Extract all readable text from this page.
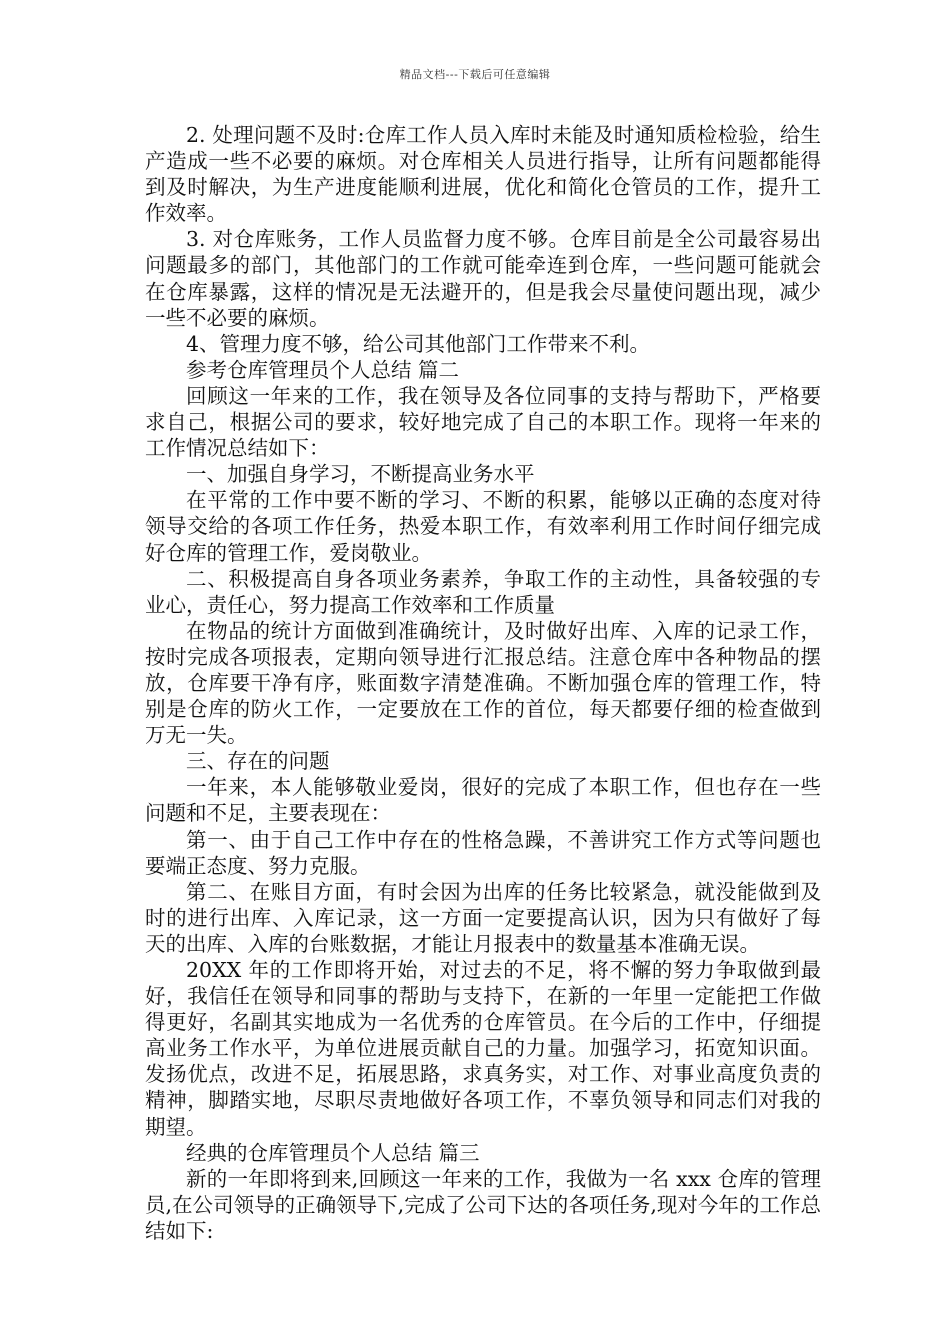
精品文档---下载后可任意编辑

2. 处理问题不及时:仓库工作人员入库时未能及时通知质检检验，给生产造成一些不必要的麻烦。对仓库相关人员进行指导，让所有问题都能得到及时解决，为生产进度能顺利进展，优化和简化仓管员的工作，提升工作效率。

3. 对仓库账务，工作人员监督力度不够。仓库目前是全公司最容易出问题最多的部门，其他部门的工作就可能牵连到仓库，一些问题可能就会在仓库暴露，这样的情况是无法避开的，但是我会尽量使问题出现，减少一些不必要的麻烦。

4、管理力度不够，给公司其他部门工作带来不利。

参考仓库管理员个人总结 篇二

回顾这一年来的工作，我在领导及各位同事的支持与帮助下，严格要求自己，根据公司的要求，较好地完成了自己的本职工作。现将一年来的工作情况总结如下：

一、加强自身学习，不断提高业务水平

在平常的工作中要不断的学习、不断的积累，能够以正确的态度对待领导交给的各项工作任务，热爱本职工作，有效率利用工作时间仔细完成好仓库的管理工作，爱岗敬业。

二、积极提高自身各项业务素养，争取工作的主动性，具备较强的专业心，责任心，努力提高工作效率和工作质量

在物品的统计方面做到准确统计，及时做好出库、入库的记录工作，按时完成各项报表，定期向领导进行汇报总结。注意仓库中各种物品的摆放，仓库要干净有序，账面数字清楚准确。不断加强仓库的管理工作，特别是仓库的防火工作，一定要放在工作的首位，每天都要仔细的检查做到万无一失。

三、存在的问题

一年来，本人能够敬业爱岗，很好的完成了本职工作，但也存在一些问题和不足，主要表现在：

第一、由于自己工作中存在的性格急躁，不善讲究工作方式等问题也要端正态度、努力克服。

第二、在账目方面，有时会因为出库的任务比较紧急，就没能做到及时的进行出库、入库记录，这一方面一定要提高认识，因为只有做好了每天的出库、入库的台账数据，才能让月报表中的数量基本准确无误。

20XX 年的工作即将开始，对过去的不足，将不懈的努力争取做到最好，我信任在领导和同事的帮助与支持下，在新的一年里一定能把工作做得更好，名副其实地成为一名优秀的仓库管员。在今后的工作中，仔细提高业务工作水平，为单位进展贡献自己的力量。加强学习，拓宽知识面。发扬优点，改进不足，拓展思路，求真务实，对工作、对事业高度负责的精神，脚踏实地，尽职尽责地做好各项工作，不辜负领导和同志们对我的期望。

经典的仓库管理员个人总结 篇三

新的一年即将到来,回顾这一年来的工作，我做为一名 xxx 仓库的管理员,在公司领导的正确领导下,完成了公司下达的各项任务,现对今年的工作总结如下:
